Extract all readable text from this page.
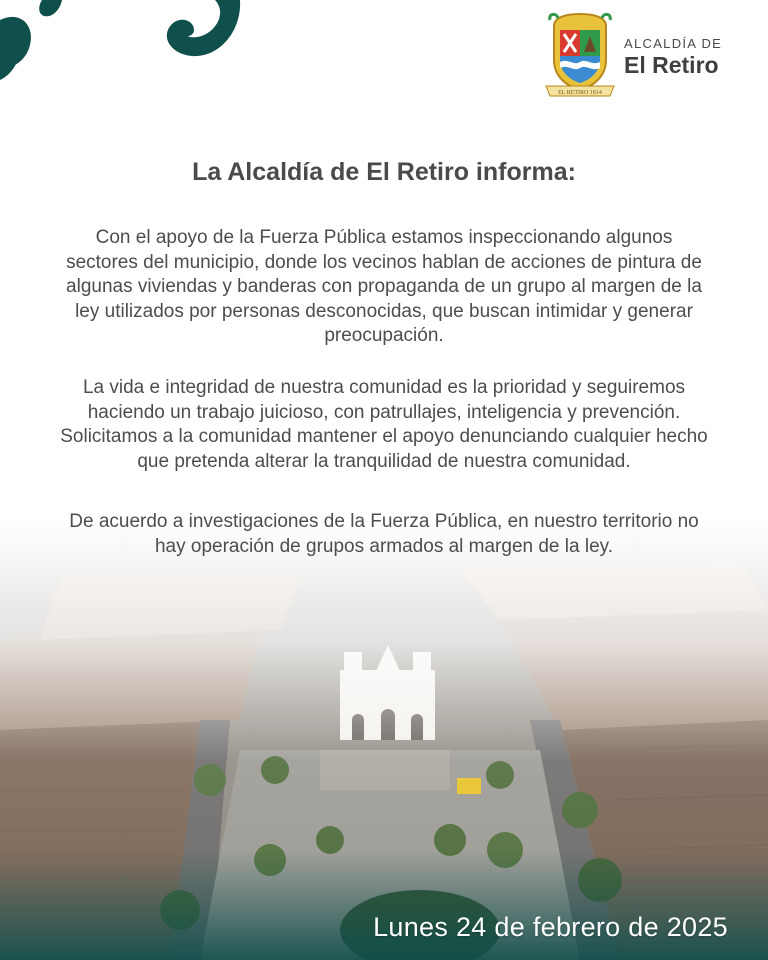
EL RETIRO 1814
ALCALDÍA DE
El Retiro
La Alcaldía de El Retiro informa:

Con el apoyo de la Fuerza Pública estamos inspeccionando algunos sectores del municipio, donde los vecinos hablan de acciones de pintura de algunas viviendas y banderas con propaganda de un grupo al margen de la ley utilizados por personas desconocidas, que buscan intimidar y generar preocupación.

La vida e integridad de nuestra comunidad es la prioridad y seguiremos haciendo un trabajo juicioso, con patrullajes, inteligencia y prevención. Solicitamos a la comunidad mantener el apoyo denunciando cualquier hecho que pretenda alterar la tranquilidad de nuestra comunidad.

De acuerdo a investigaciones de la Fuerza Pública, en nuestro territorio no hay operación de grupos armados al margen de la ley.

Lunes 24 de febrero de 2025
